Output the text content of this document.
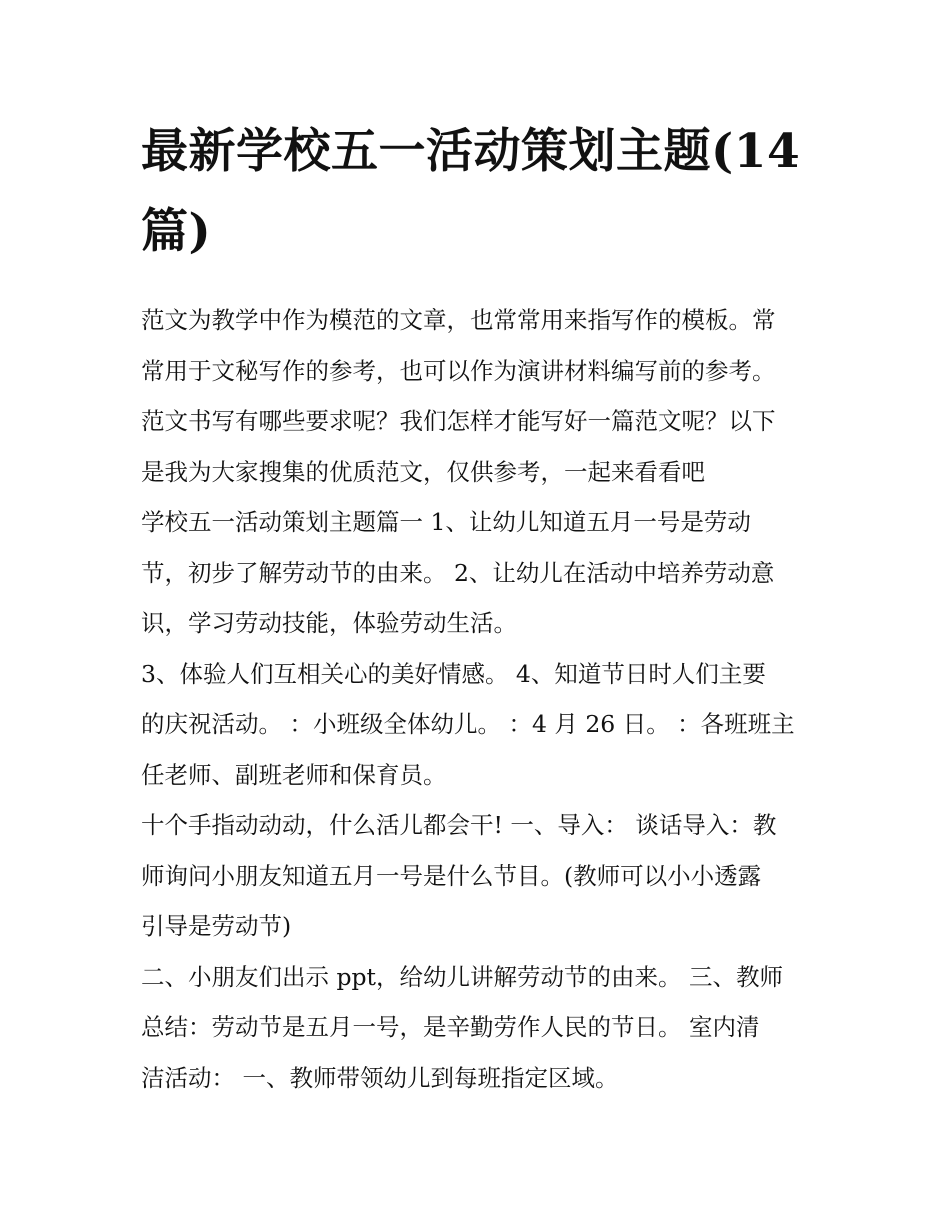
最新学校五一活动策划主题(14
篇)

范文为教学中作为模范的文章，也常常用来指写作的模板。常
常用于文秘写作的参考，也可以作为演讲材料编写前的参考。
范文书写有哪些要求呢？我们怎样才能写好一篇范文呢？以下
是我为大家搜集的优质范文，仅供参考，一起来看看吧

学校五一活动策划主题篇一 1、让幼儿知道五月一号是劳动
节，初步了解劳动节的由来。 2、让幼儿在活动中培养劳动意
识，学习劳动技能，体验劳动生活。

3、体验人们互相关心的美好情感。 4、知道节日时人们主要
的庆祝活动。 ：小班级全体幼儿。 ：4 月 26 日。 ：各班班主
任老师、副班老师和保育员。

十个手指动动动，什么活儿都会干! 一、导入： 谈话导入：教
师询问小朋友知道五月一号是什么节目。(教师可以小小透露
引导是劳动节)

二、小朋友们出示 ppt，给幼儿讲解劳动节的由来。 三、教师
总结：劳动节是五月一号，是辛勤劳作人民的节日。 室内清
洁活动： 一、教师带领幼儿到每班指定区域。
